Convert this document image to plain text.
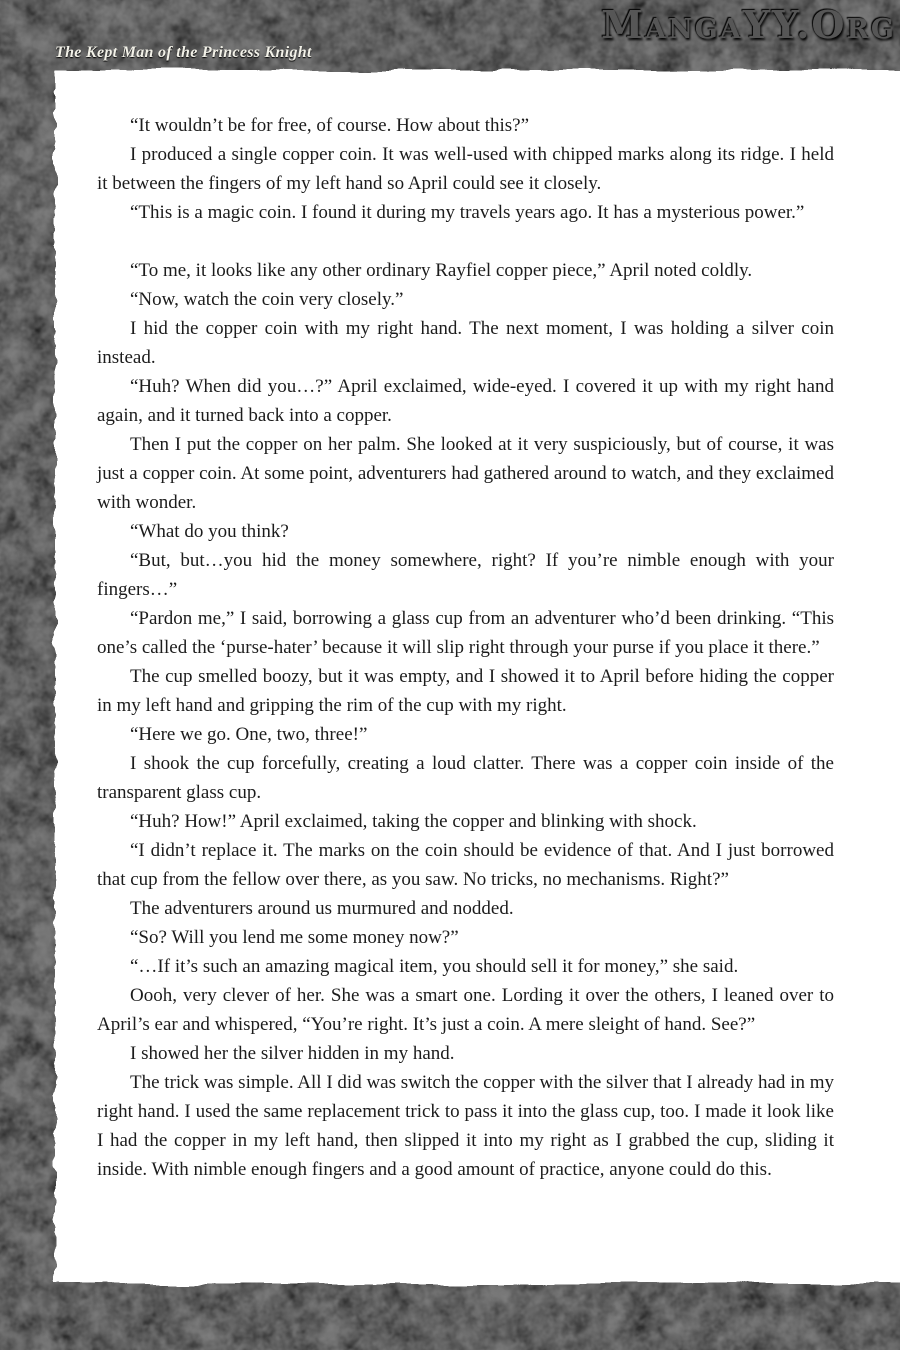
MangaYY.Org
The Kept Man of the Princess Knight

“It wouldn’t be for free, of course. How about this?”

I produced a single copper coin. It was well-used with chipped marks along its ridge. I held it between the fingers of my left hand so April could see it closely.

“This is a magic coin. I found it during my travels years ago. It has a mysterious power.”

“To me, it looks like any other ordinary Rayfiel copper piece,” April noted coldly.

“Now, watch the coin very closely.”

I hid the copper coin with my right hand. The next moment, I was holding a silver coin instead.

“Huh? When did you…?” April exclaimed, wide-eyed. I covered it up with my right hand again, and it turned back into a copper.

Then I put the copper on her palm. She looked at it very suspiciously, but of course, it was just a copper coin. At some point, adventurers had gathered around to watch, and they exclaimed with wonder.

“What do you think?

“But, but…you hid the money somewhere, right? If you’re nimble enough with your fingers…”

“Pardon me,” I said, borrowing a glass cup from an adventurer who’d been drinking. “This one’s called the ‘purse-hater’ because it will slip right through your purse if you place it there.”

The cup smelled boozy, but it was empty, and I showed it to April before hiding the copper in my left hand and gripping the rim of the cup with my right.

“Here we go. One, two, three!”

I shook the cup forcefully, creating a loud clatter. There was a copper coin inside of the transparent glass cup.

“Huh? How!” April exclaimed, taking the copper and blinking with shock.

“I didn’t replace it. The marks on the coin should be evidence of that. And I just borrowed that cup from the fellow over there, as you saw. No tricks, no mechanisms. Right?”

The adventurers around us murmured and nodded.

“So? Will you lend me some money now?”

“…If it’s such an amazing magical item, you should sell it for money,” she said.

Oooh, very clever of her. She was a smart one. Lording it over the others, I leaned over to April’s ear and whispered, “You’re right. It’s just a coin. A mere sleight of hand. See?”

I showed her the silver hidden in my hand.

The trick was simple. All I did was switch the copper with the silver that I already had in my right hand. I used the same replacement trick to pass it into the glass cup, too. I made it look like I had the copper in my left hand, then slipped it into my right as I grabbed the cup, sliding it inside. With nimble enough fingers and a good amount of practice, anyone could do this.
